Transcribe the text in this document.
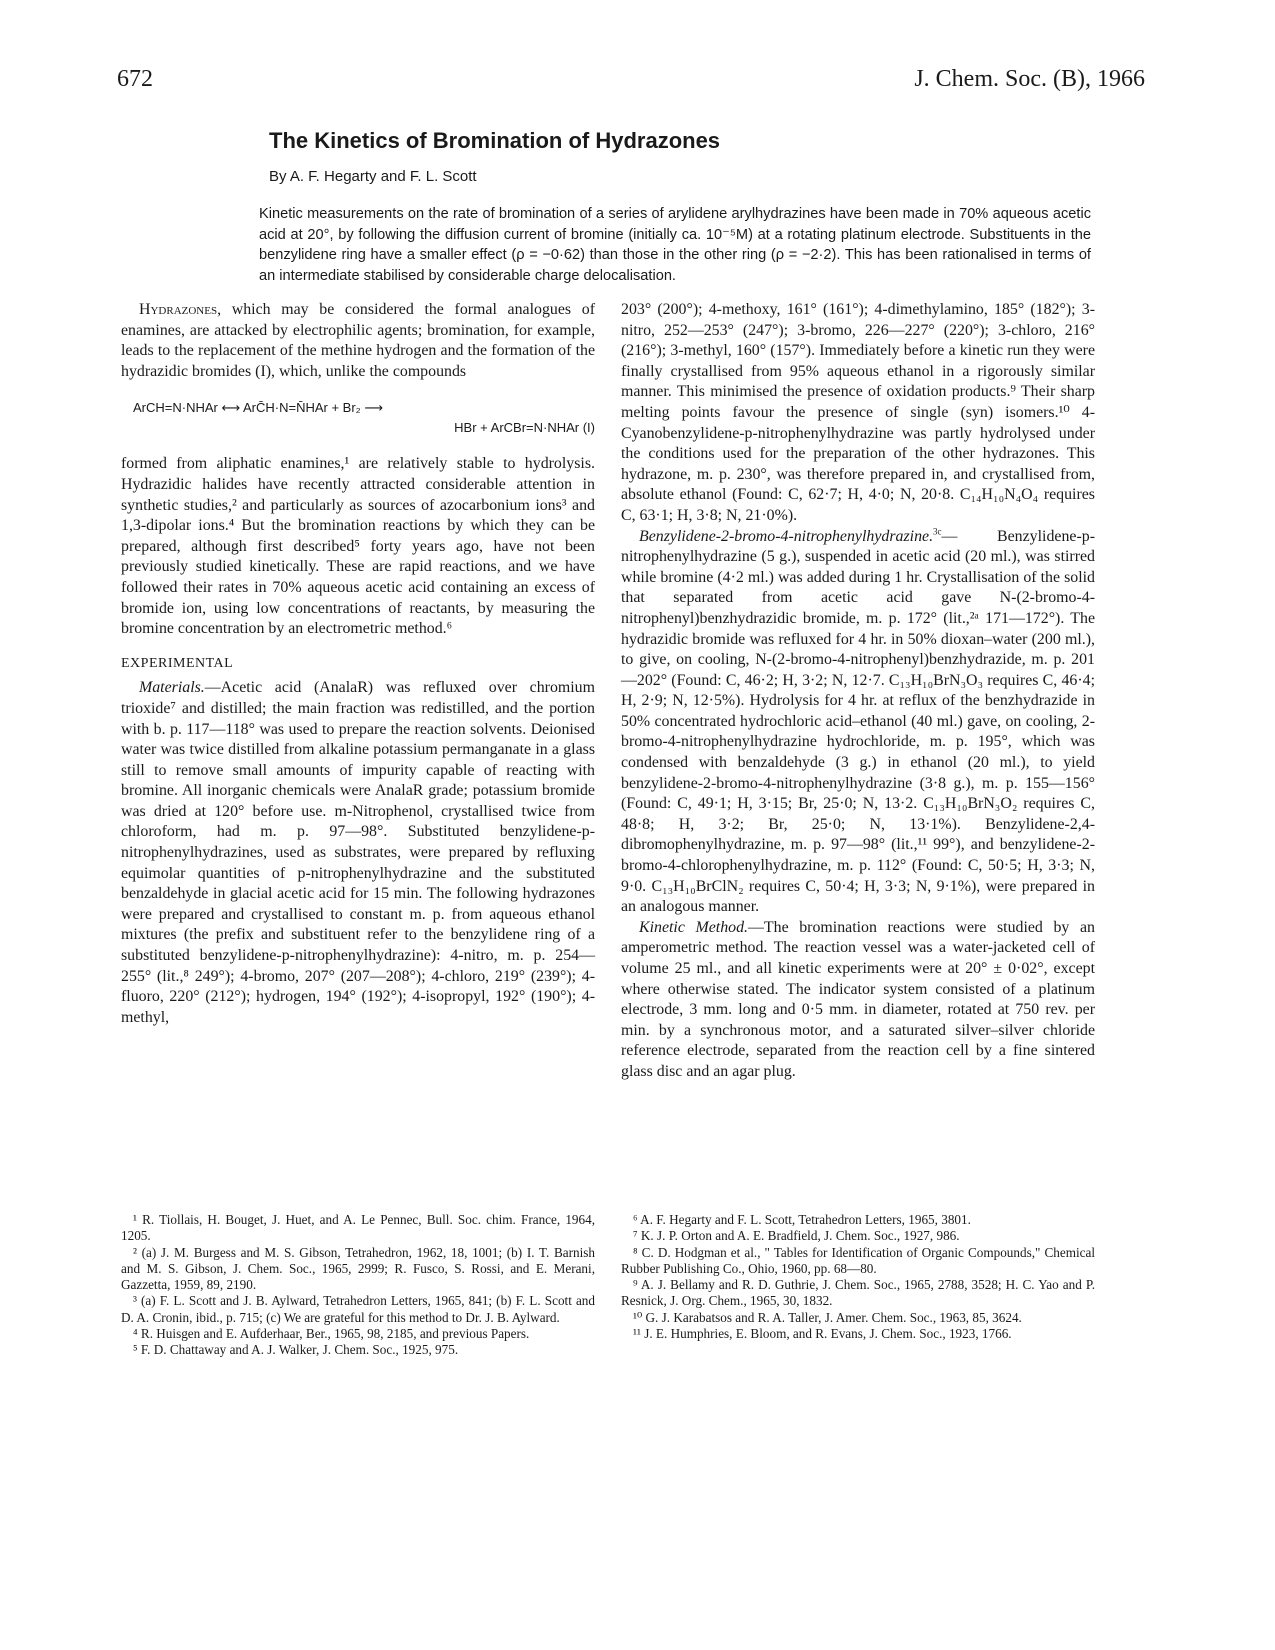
672	J. Chem. Soc. (B), 1966
The Kinetics of Bromination of Hydrazones
By A. F. Hegarty and F. L. Scott
Kinetic measurements on the rate of bromination of a series of arylidene arylhydrazines have been made in 70% aqueous acetic acid at 20°, by following the diffusion current of bromine (initially ca. 10⁻⁵M) at a rotating platinum electrode. Substituents in the benzylidene ring have a smaller effect (ρ = −0·62) than those in the other ring (ρ = −2·2). This has been rationalised in terms of an intermediate stabilised by considerable charge delocalisation.

Hydrazones, which may be considered the formal analogues of enamines, are attacked by electrophilic agents; bromination, for example, leads to the replacement of the methine hydrogen and the formation of the hydrazidic bromides (I), which, unlike the compounds

ArCH=N·NHAr ⟷ ArC̄H·N=N̄HAr + Br₂ ⟶
HBr + ArCBr=N·NHAr (I)

formed from aliphatic enamines,¹ are relatively stable to hydrolysis. Hydrazidic halides have recently attracted considerable attention in synthetic studies,² and particularly as sources of azocarbonium ions³ and 1,3-dipolar ions.⁴ But the bromination reactions by which they can be prepared, although first described⁵ forty years ago, have not been previously studied kinetically. These are rapid reactions, and we have followed their rates in 70% aqueous acetic acid containing an excess of bromide ion, using low concentrations of reactants, by measuring the bromine concentration by an electrometric method.⁶

EXPERIMENTAL

Materials.—Acetic acid (AnalaR) was refluxed over chromium trioxide⁷ and distilled; the main fraction was redistilled, and the portion with b. p. 117—118° was used to prepare the reaction solvents. Deionised water was twice distilled from alkaline potassium permanganate in a glass still to remove small amounts of impurity capable of reacting with bromine. All inorganic chemicals were AnalaR grade; potassium bromide was dried at 120° before use. m-Nitrophenol, crystallised twice from chloroform, had m. p. 97—98°. Substituted benzylidene-p-nitrophenylhydrazines, used as substrates, were prepared by refluxing equimolar quantities of p-nitrophenylhydrazine and the substituted benzaldehyde in glacial acetic acid for 15 min. The following hydrazones were prepared and crystallised to constant m. p. from aqueous ethanol mixtures (the prefix and substituent refer to the benzylidene ring of a substituted benzylidene-p-nitrophenylhydrazine): 4-nitro, m. p. 254—255° (lit.,⁸ 249°); 4-bromo, 207° (207—208°); 4-chloro, 219° (239°); 4-fluoro, 220° (212°); hydrogen, 194° (192°); 4-isopropyl, 192° (190°); 4-methyl,

203° (200°); 4-methoxy, 161° (161°); 4-dimethylamino, 185° (182°); 3-nitro, 252—253° (247°); 3-bromo, 226—227° (220°); 3-chloro, 216° (216°); 3-methyl, 160° (157°). Immediately before a kinetic run they were finally crystallised from 95% aqueous ethanol in a rigorously similar manner. This minimised the presence of oxidation products.⁹ Their sharp melting points favour the presence of single (syn) isomers.¹⁰ 4-Cyanobenzylidene-p-nitrophenylhydrazine was partly hydrolysed under the conditions used for the preparation of the other hydrazones. This hydrazone, m. p. 230°, was therefore prepared in, and crystallised from, absolute ethanol (Found: C, 62·7; H, 4·0; N, 20·8. C₁₄H₁₀N₄O₄ requires C, 63·1; H, 3·8; N, 21·0%).

Benzylidene-2-bromo-4-nitrophenylhydrazine.$^{3c}$— Benzylidene-p-nitrophenylhydrazine (5 g.), suspended in acetic acid (20 ml.), was stirred while bromine (4·2 ml.) was added during 1 hr. Crystallisation of the solid that separated from acetic acid gave N-(2-bromo-4-nitrophenyl)benzhydrazidic bromide, m. p. 172° (lit.,²ᵃ 171—172°). The hydrazidic bromide was refluxed for 4 hr. in 50% dioxan–water (200 ml.), to give, on cooling, N-(2-bromo-4-nitrophenyl)benzhydrazide, m. p. 201—202° (Found: C, 46·2; H, 3·2; N, 12·7. C₁₃H₁₀BrN₃O₃ requires C, 46·4; H, 2·9; N, 12·5%). Hydrolysis for 4 hr. at reflux of the benzhydrazide in 50% concentrated hydrochloric acid–ethanol (40 ml.) gave, on cooling, 2-bromo-4-nitrophenylhydrazine hydrochloride, m. p. 195°, which was condensed with benzaldehyde (3 g.) in ethanol (20 ml.), to yield benzylidene-2-bromo-4-nitrophenylhydrazine (3·8 g.), m. p. 155—156° (Found: C, 49·1; H, 3·15; Br, 25·0; N, 13·2. C₁₃H₁₀BrN₃O₂ requires C, 48·8; H, 3·2; Br, 25·0; N, 13·1%). Benzylidene-2,4-dibromophenylhydrazine, m. p. 97—98° (lit.,¹¹ 99°), and benzylidene-2-bromo-4-chlorophenylhydrazine, m. p. 112° (Found: C, 50·5; H, 3·3; N, 9·0. C₁₃H₁₀BrClN₂ requires C, 50·4; H, 3·3; N, 9·1%), were prepared in an analogous manner.

Kinetic Method.—The bromination reactions were studied by an amperometric method. The reaction vessel was a water-jacketed cell of volume 25 ml., and all kinetic experiments were at 20° ± 0·02°, except where otherwise stated. The indicator system consisted of a platinum electrode, 3 mm. long and 0·5 mm. in diameter, rotated at 750 rev. per min. by a synchronous motor, and a saturated silver–silver chloride reference electrode, separated from the reaction cell by a fine sintered glass disc and an agar plug.

¹ R. Tiollais, H. Bouget, J. Huet, and A. Le Pennec, Bull. Soc. chim. France, 1964, 1205.

² (a) J. M. Burgess and M. S. Gibson, Tetrahedron, 1962, 18, 1001; (b) I. T. Barnish and M. S. Gibson, J. Chem. Soc., 1965, 2999; R. Fusco, S. Rossi, and E. Merani, Gazzetta, 1959, 89, 2190.

³ (a) F. L. Scott and J. B. Aylward, Tetrahedron Letters, 1965, 841; (b) F. L. Scott and D. A. Cronin, ibid., p. 715; (c) We are grateful for this method to Dr. J. B. Aylward.

⁴ R. Huisgen and E. Aufderhaar, Ber., 1965, 98, 2185, and previous Papers.

⁵ F. D. Chattaway and A. J. Walker, J. Chem. Soc., 1925, 975.

⁶ A. F. Hegarty and F. L. Scott, Tetrahedron Letters, 1965, 3801.

⁷ K. J. P. Orton and A. E. Bradfield, J. Chem. Soc., 1927, 986.

⁸ C. D. Hodgman et al., " Tables for Identification of Organic Compounds," Chemical Rubber Publishing Co., Ohio, 1960, pp. 68—80.

⁹ A. J. Bellamy and R. D. Guthrie, J. Chem. Soc., 1965, 2788, 3528; H. C. Yao and P. Resnick, J. Org. Chem., 1965, 30, 1832.

¹⁰ G. J. Karabatsos and R. A. Taller, J. Amer. Chem. Soc., 1963, 85, 3624.

¹¹ J. E. Humphries, E. Bloom, and R. Evans, J. Chem. Soc., 1923, 1766.
